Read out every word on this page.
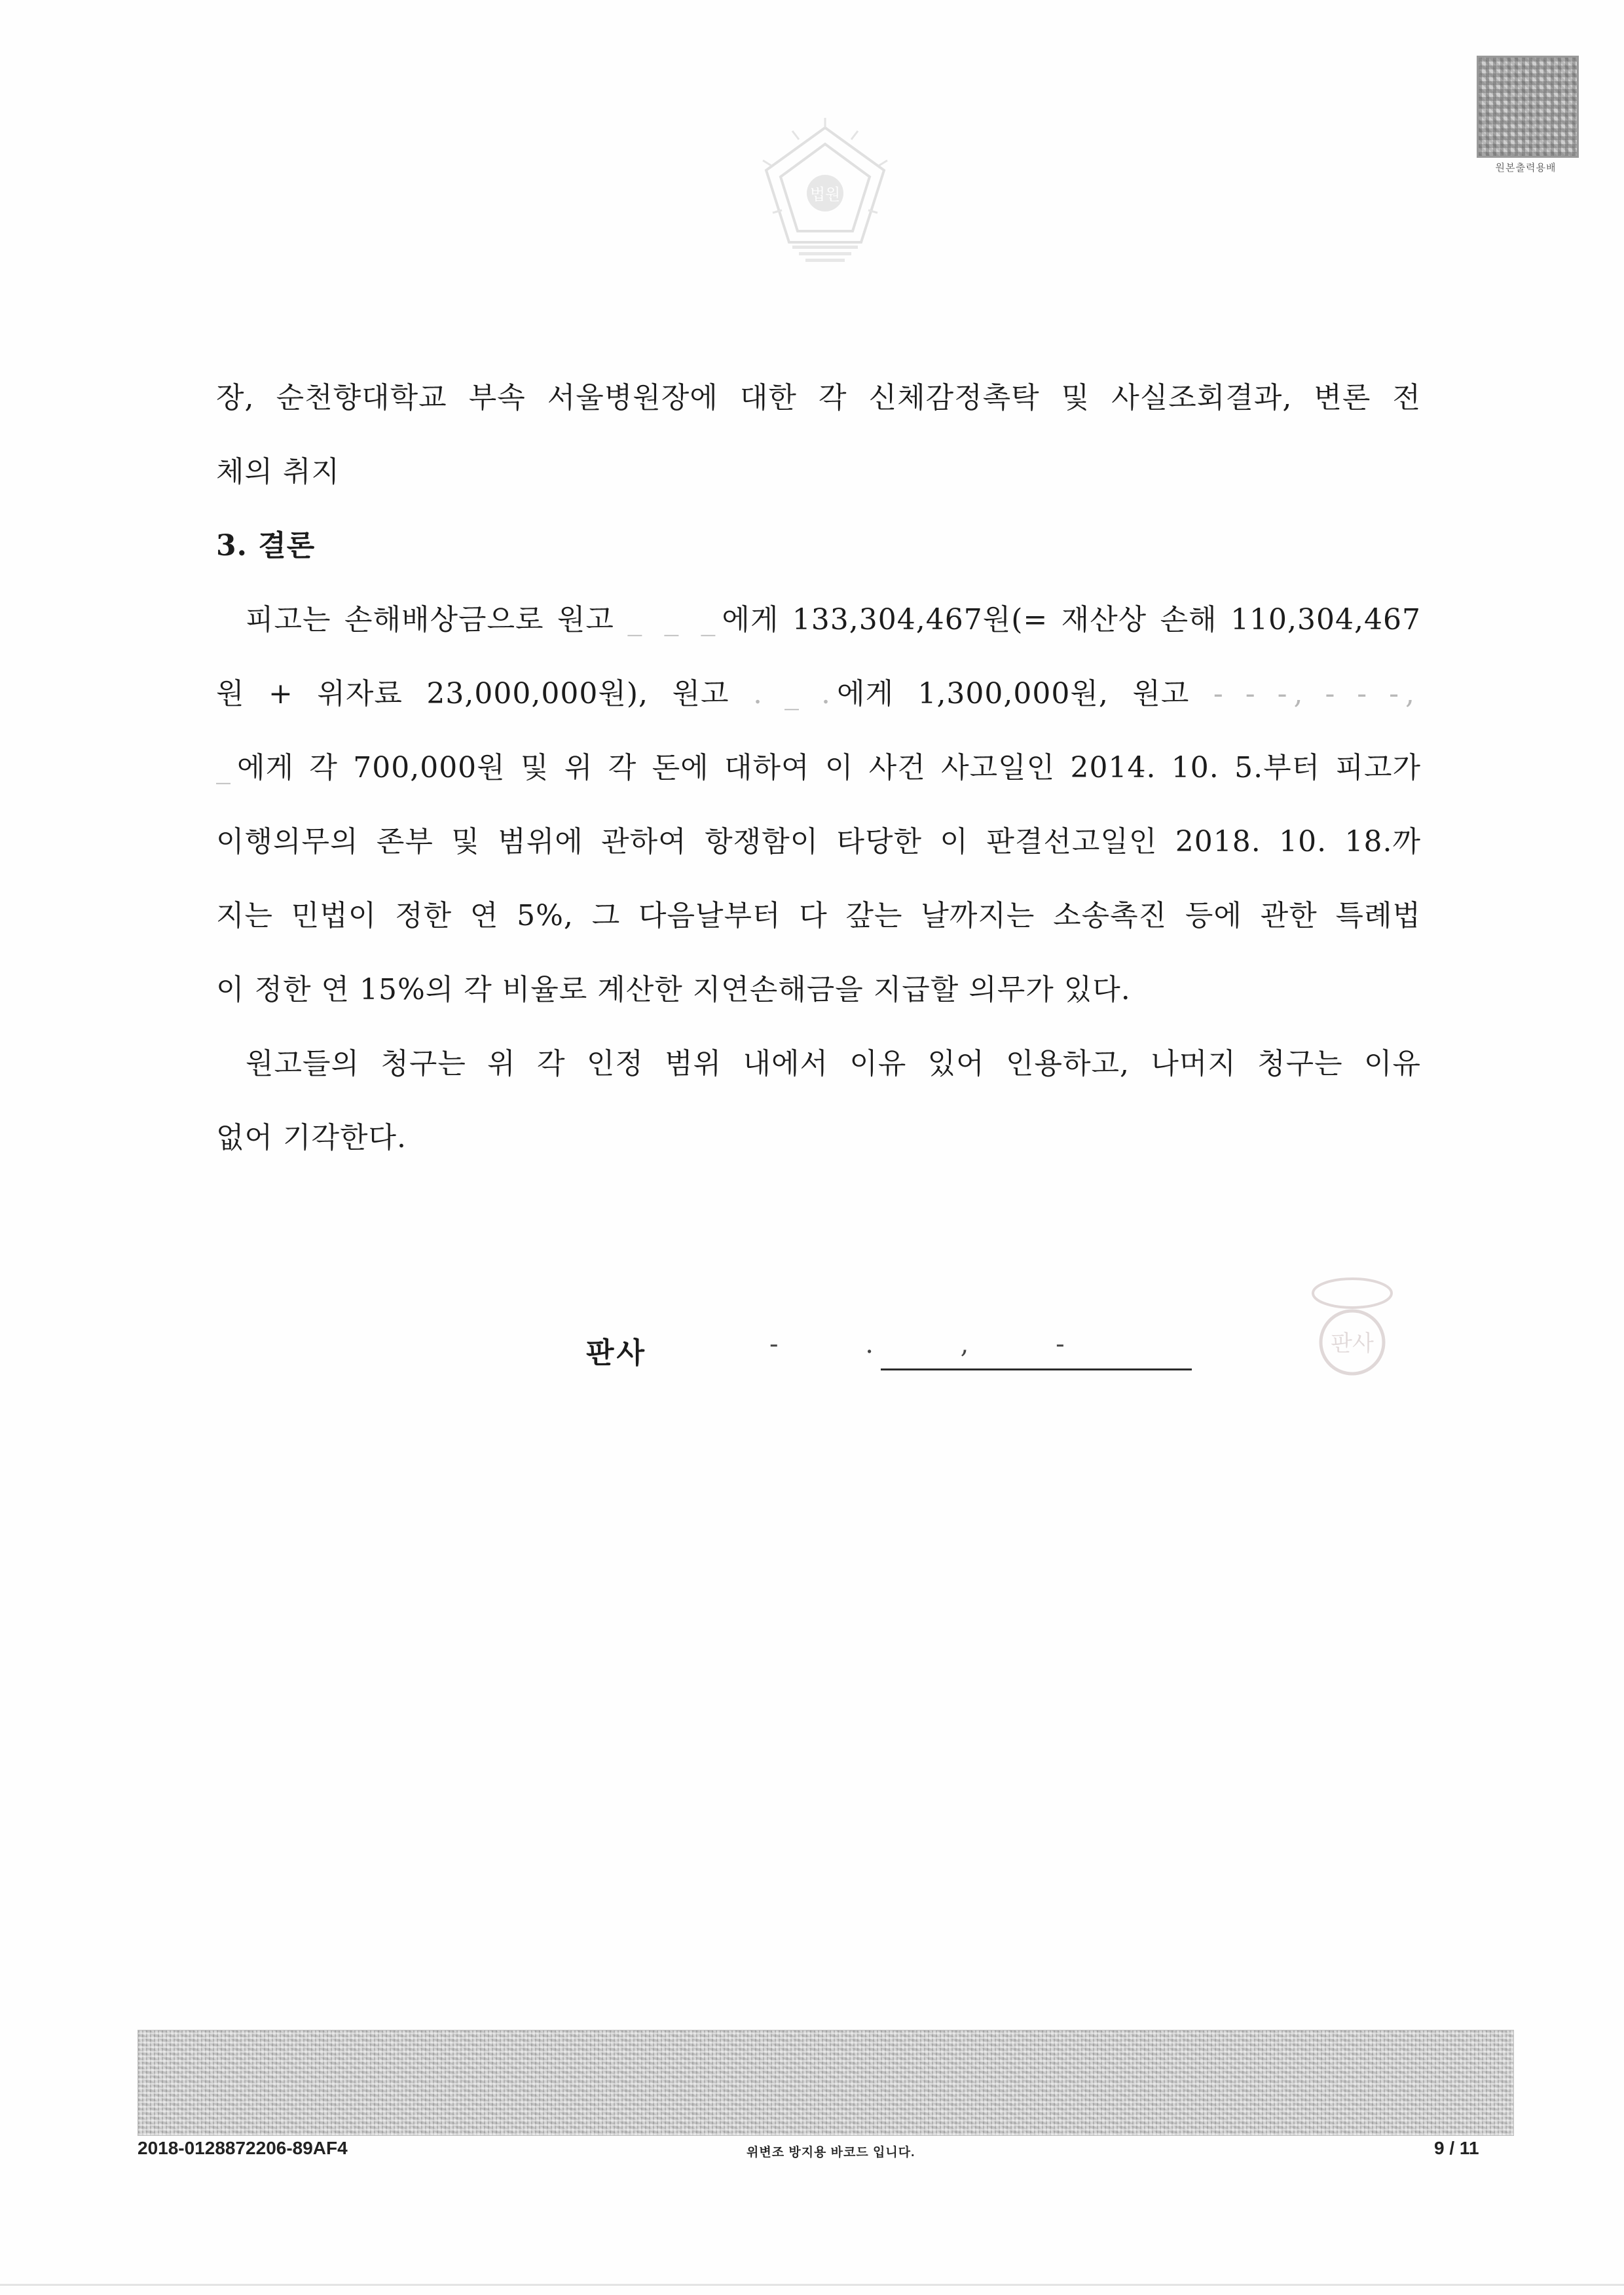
법원
원본출력용배
장, 순천향대학교 부속 서울병원장에 대한 각 신체감정촉탁 및 사실조회결과, 변론 전
체의 취지
3. 결론
피고는 손해배상금으로 원고 _ _ _에게 133,304,467원(= 재산상 손해 110,304,467
원 + 위자료 23,000,000원), 원고 . _ .에게 1,300,000원, 원고 - - -, - - -,
_에게 각 700,000원 및 위 각 돈에 대하여 이 사건 사고일인 2014. 10. 5.부터 피고가
이행의무의 존부 및 범위에 관하여 항쟁함이 타당한 이 판결선고일인 2018. 10. 18.까
지는 민법이 정한 연 5%, 그 다음날부터 다 갚는 날까지는 소송촉진 등에 관한 특례법
이 정한 연 15%의 각 비율로 계산한 지연손해금을 지급할 의무가 있다.
원고들의 청구는 위 각 인정 범위 내에서 이유 있어 인용하고, 나머지 청구는 이유
없어 기각한다.
판사	- . , -	판사
2018-0128872206-89AF4	위변조 방지용 바코드 입니다.	9 / 11
